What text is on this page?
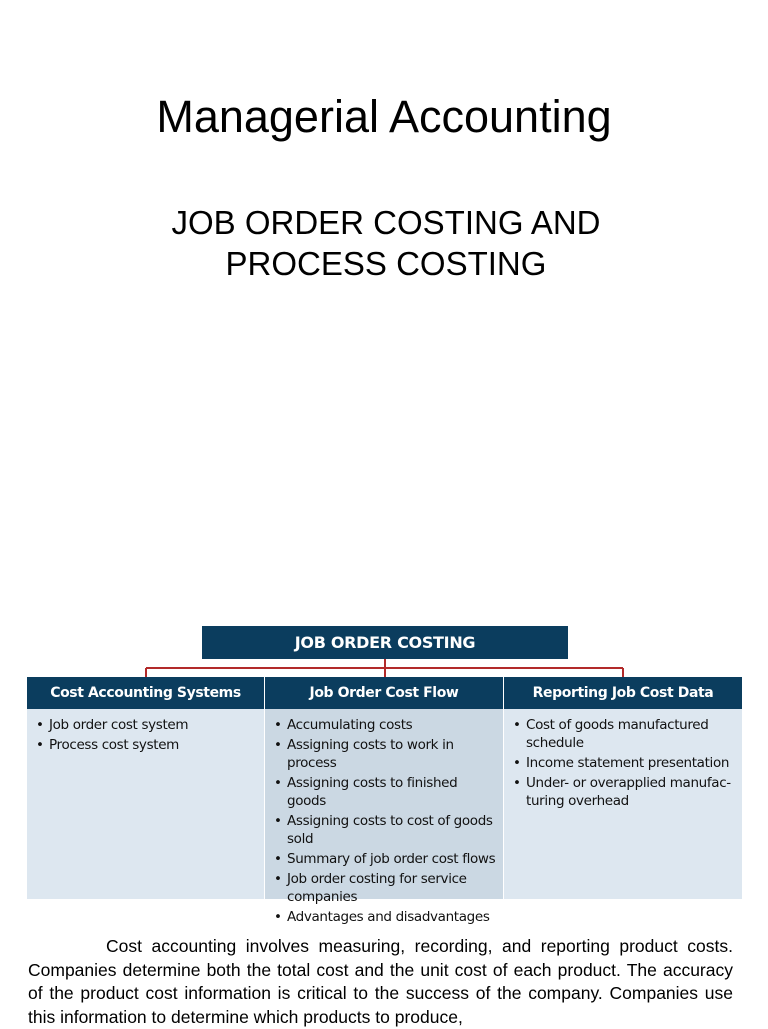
Managerial Accounting
JOB ORDER COSTING AND
PROCESS COSTING
JOB ORDER COSTING
Cost Accounting Systems
• Job order cost system
• Process cost system
Job Order Cost Flow
• Accumulating costs
• Assigning costs to work in process
• Assigning costs to finished goods
• Assigning costs to cost of goods sold
• Summary of job order cost flows
• Job order costing for service companies
• Advantages and disadvantages
Reporting Job Cost Data
• Cost of goods manufactured schedule
• Income statement presentation
• Under- or overapplied manufac- turing overhead

Cost accounting involves measuring, recording, and reporting product costs. Companies determine both the total cost and the unit cost of each product. The accuracy of the product cost information is critical to the success of the company. Companies use this information to determine which products to produce,
